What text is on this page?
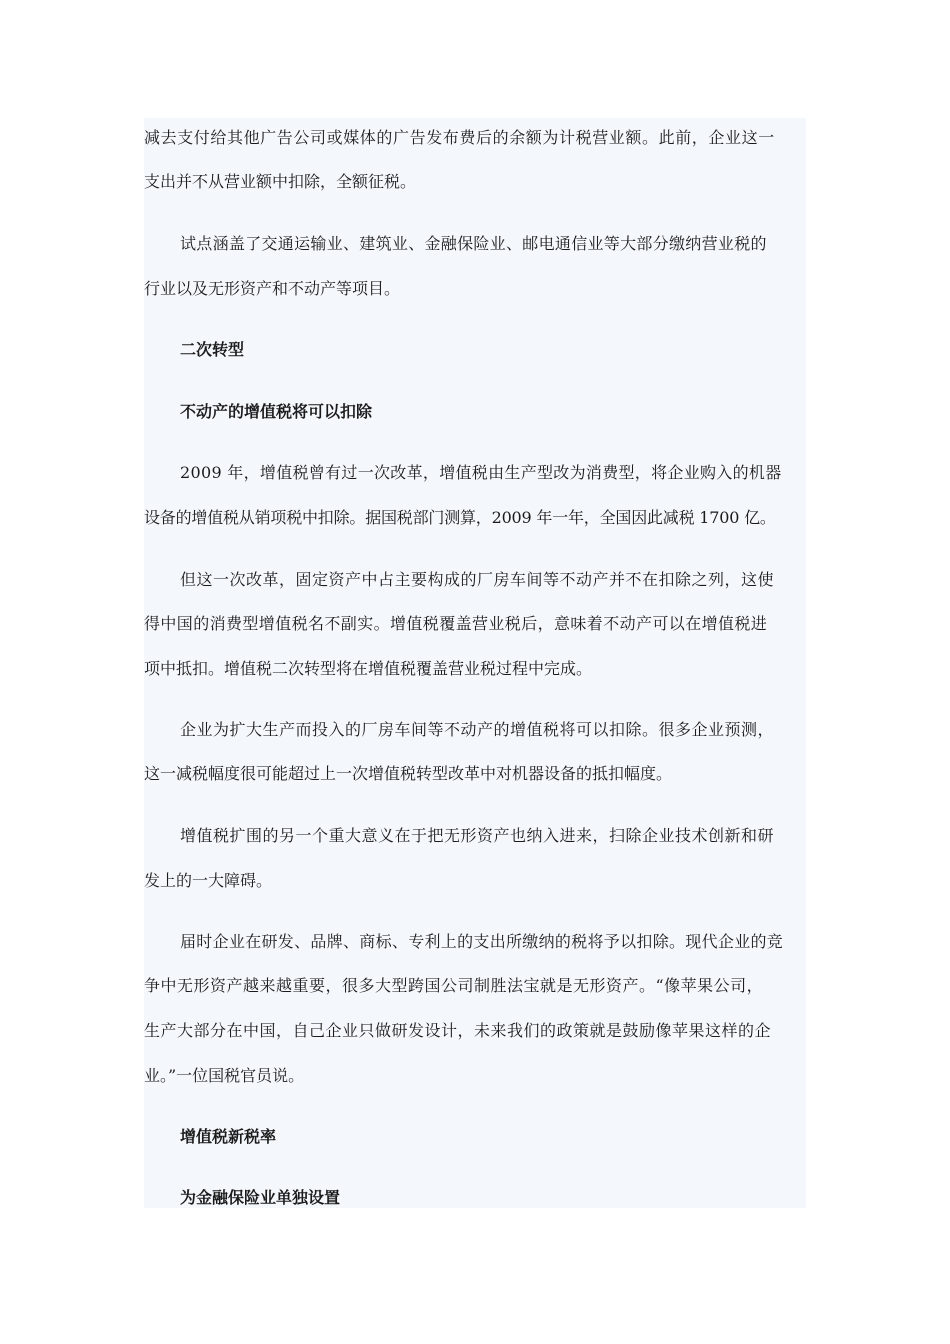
减去支付给其他广告公司或媒体的广告发布费后的余额为计税营业额。此前，企业这一
支出并不从营业额中扣除，全额征税。
试点涵盖了交通运输业、建筑业、金融保险业、邮电通信业等大部分缴纳营业税的
行业以及无形资产和不动产等项目。
二次转型
不动产的增值税将可以扣除
2009 年，增值税曾有过一次改革，增值税由生产型改为消费型，将企业购入的机器
设备的增值税从销项税中扣除。据国税部门测算，2009 年一年，全国因此减税 1700 亿。
但这一次改革，固定资产中占主要构成的厂房车间等不动产并不在扣除之列，这使
得中国的消费型增值税名不副实。增值税覆盖营业税后，意味着不动产可以在增值税进
项中抵扣。增值税二次转型将在增值税覆盖营业税过程中完成。
企业为扩大生产而投入的厂房车间等不动产的增值税将可以扣除。很多企业预测，
这一减税幅度很可能超过上一次增值税转型改革中对机器设备的抵扣幅度。
增值税扩围的另一个重大意义在于把无形资产也纳入进来，扫除企业技术创新和研
发上的一大障碍。
届时企业在研发、品牌、商标、专利上的支出所缴纳的税将予以扣除。现代企业的竞
争中无形资产越来越重要，很多大型跨国公司制胜法宝就是无形资产。“像苹果公司，
生产大部分在中国，自己企业只做研发设计，未来我们的政策就是鼓励像苹果这样的企
业。”一位国税官员说。
增值税新税率
为金融保险业单独设置
